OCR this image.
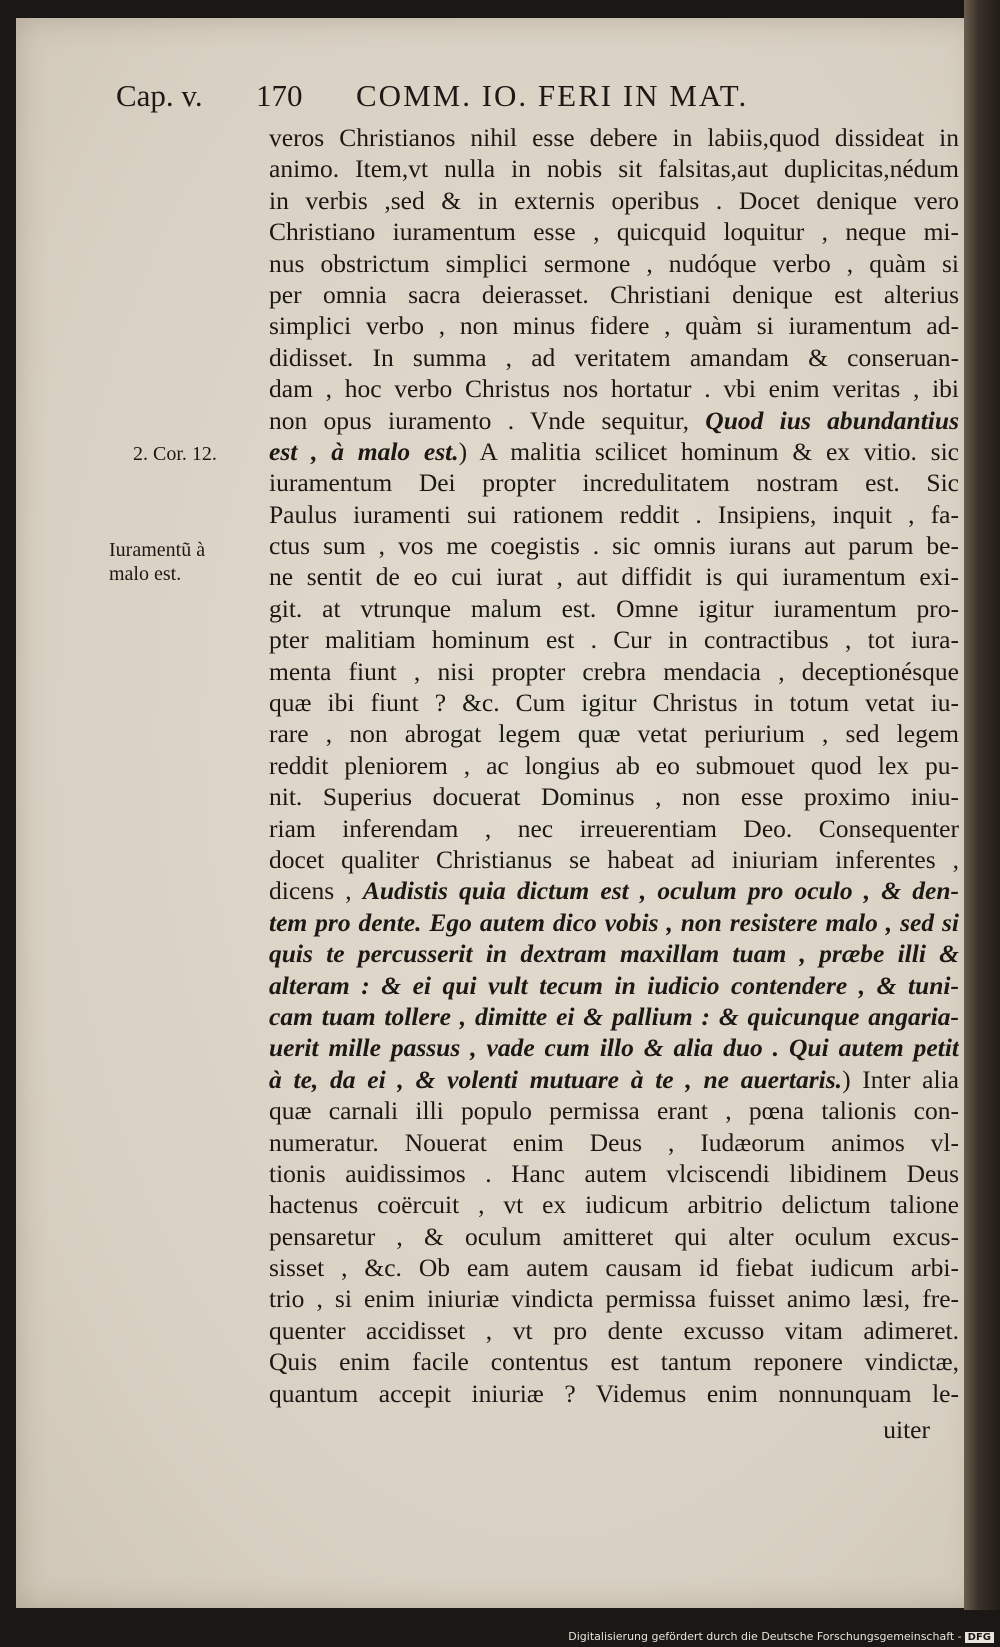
Cap. v. 170 COMM. IO. FERI IN MAT.
2. Cor. 12.
Iuramentũ à
malo est.
veros Christianos nihil esse debere in labiis,quod dissideat in
animo. Item,vt nulla in nobis sit falsitas,aut duplicitas,nédum
in verbis ,sed & in externis operibus . Docet denique vero
Christiano iuramentum esse , quicquid loquitur , neque mi-
nus obstrictum simplici sermone , nudóque verbo , quàm si
per omnia sacra deierasset. Christiani denique est alterius
simplici verbo , non minus fidere , quàm si iuramentum ad-
didisset. In summa , ad veritatem amandam & conseruan-
dam , hoc verbo Christus nos hortatur . vbi enim veritas , ibi
non opus iuramento . Vnde sequitur, Quod ius abundantius
est , à malo est.) A malitia scilicet hominum & ex vitio. sic
iuramentum Dei propter incredulitatem nostram est. Sic
Paulus iuramenti sui rationem reddit . Insipiens, inquit , fa-
ctus sum , vos me coegistis . sic omnis iurans aut parum be-
ne sentit de eo cui iurat , aut diffidit is qui iuramentum exi-
git. at vtrunque malum est. Omne igitur iuramentum pro-
pter malitiam hominum est . Cur in contractibus , tot iura-
menta fiunt , nisi propter crebra mendacia , deceptionésque
quæ ibi fiunt ? &c. Cum igitur Christus in totum vetat iu-
rare , non abrogat legem quæ vetat periurium , sed legem
reddit pleniorem , ac longius ab eo submouet quod lex pu-
nit. Superius docuerat Dominus , non esse proximo iniu-
riam inferendam , nec irreuerentiam Deo. Consequenter
docet qualiter Christianus se habeat ad iniuriam inferentes ,
dicens , Audistis quia dictum est , oculum pro oculo , & den-
tem pro dente. Ego autem dico vobis , non resistere malo , sed si
quis te percusserit in dextram maxillam tuam , præbe illi &
alteram : & ei qui vult tecum in iudicio contendere , & tuni-
cam tuam tollere , dimitte ei & pallium : & quicunque angaria-
uerit mille passus , vade cum illo & alia duo . Qui autem petit
à te, da ei , & volenti mutuare à te , ne auertaris.) Inter alia
quæ carnali illi populo permissa erant , pœna talionis con-
numeratur. Nouerat enim Deus , Iudæorum animos vl-
tionis auidissimos . Hanc autem vlciscendi libidinem Deus
hactenus coërcuit , vt ex iudicum arbitrio delictum talione
pensaretur , & oculum amitteret qui alter oculum excus-
sisset , &c. Ob eam autem causam id fiebat iudicum arbi-
trio , si enim iniuriæ vindicta permissa fuisset animo læsi, fre-
quenter accidisset , vt pro dente excusso vitam adimeret.
Quis enim facile contentus est tantum reponere vindictæ,
quantum accepit iniuriæ ? Videmus enim nonnunquam le-
uiter
Digitalisierung gefördert durch die Deutsche Forschungsgemeinschaft - DFG
